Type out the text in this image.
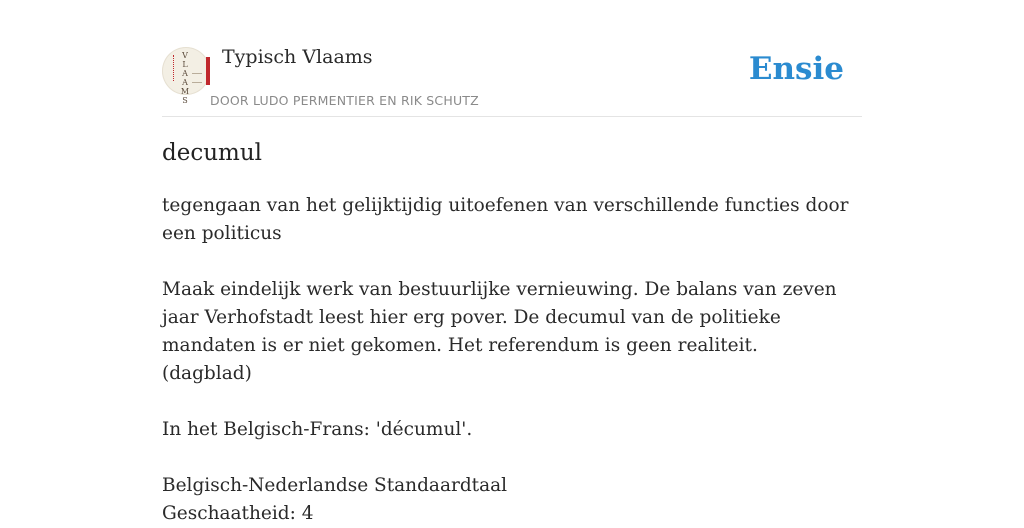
V
L
A
A
M
S
Typisch Vlaams
DOOR LUDO PERMENTIER EN RIK SCHUTZ
Ensie
decumul

tegengaan van het gelijktijdig uitoefenen van verschillende functies door een politicus

Maak eindelijk werk van bestuurlijke vernieuwing. De balans van zeven jaar Verhofstadt leest hier erg pover. De decumul van de politieke mandaten is er niet gekomen. Het referendum is geen realiteit.

(dagblad)

In het Belgisch-Frans: 'décumul'.

Belgisch-Nederlandse Standaardtaal

Geschaatheid: 4
